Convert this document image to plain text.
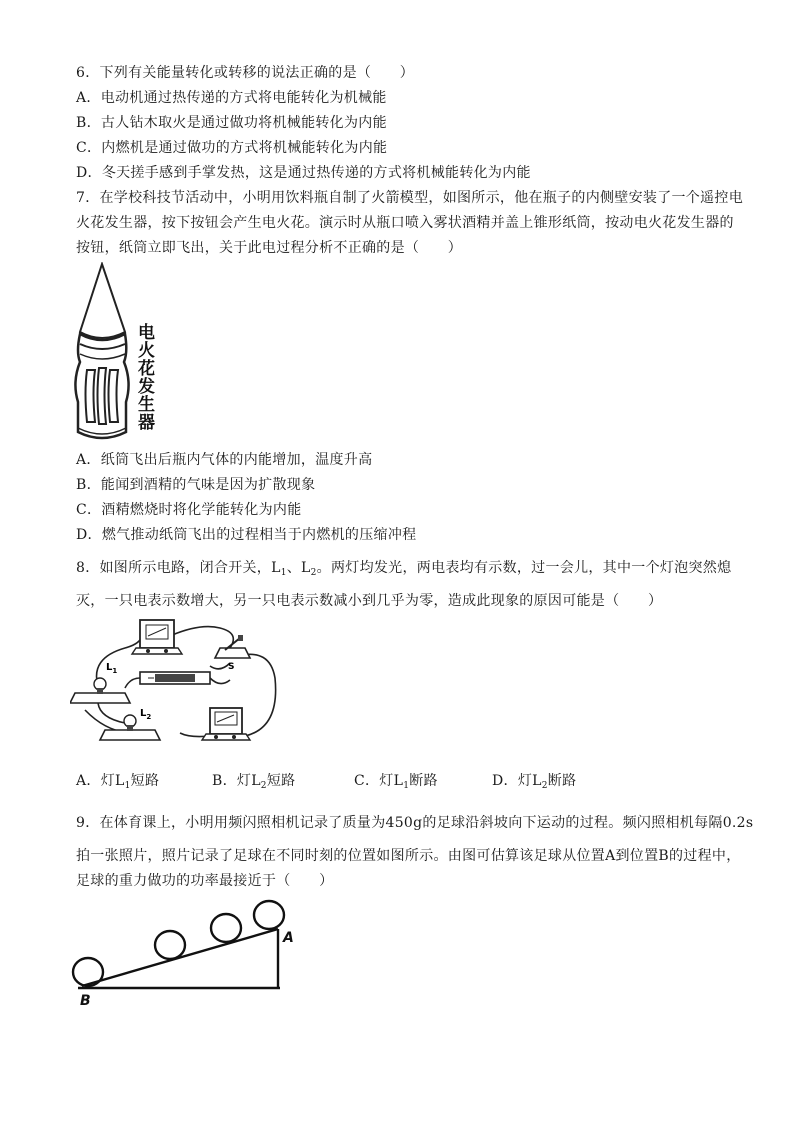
6．下列有关能量转化或转移的说法正确的是（　　）
A．电动机通过热传递的方式将电能转化为机械能
B．古人钻木取火是通过做功将机械能转化为内能
C．内燃机是通过做功的方式将机械能转化为内能
D．冬天搓手感到手掌发热，这是通过热传递的方式将机械能转化为内能
7．在学校科技节活动中，小明用饮料瓶自制了火箭模型，如图所示，他在瓶子的内侧壁安装了一个遥控电
火花发生器，按下按钮会产生电火花。演示时从瓶口喷入雾状酒精并盖上锥形纸筒，按动电火花发生器的
按钮，纸筒立即飞出，关于此电过程分析不正确的是（　　）
电
火
花
发
生
器
A．纸筒飞出后瓶内气体的内能增加，温度升高
B．能闻到酒精的气味是因为扩散现象
C．酒精燃烧时将化学能转化为内能
D．燃气推动纸筒飞出的过程相当于内燃机的压缩冲程
8．如图所示电路，闭合开关，$L_1$、$L_2$。两灯均发光，两电表均有示数，过一会儿，其中一个灯泡突然熄
灭，一只电表示数增大，另一只电表示数减小到几乎为零，造成此现象的原因可能是（　　）
S
$L_1$
$L_2$
A．灯$L_1$短路	B．灯$L_2$短路	C．灯$L_1$断路	D．灯$L_2$断路
9．在体育课上，小明用频闪照相机记录了质量为450g的足球沿斜坡向下运动的过程。频闪照相机每隔0.2s
拍一张照片，照片记录了足球在不同时刻的位置如图所示。由图可估算该足球从位置A到位置B的过程中，
足球的重力做功的功率最接近于（　　）
A
B
